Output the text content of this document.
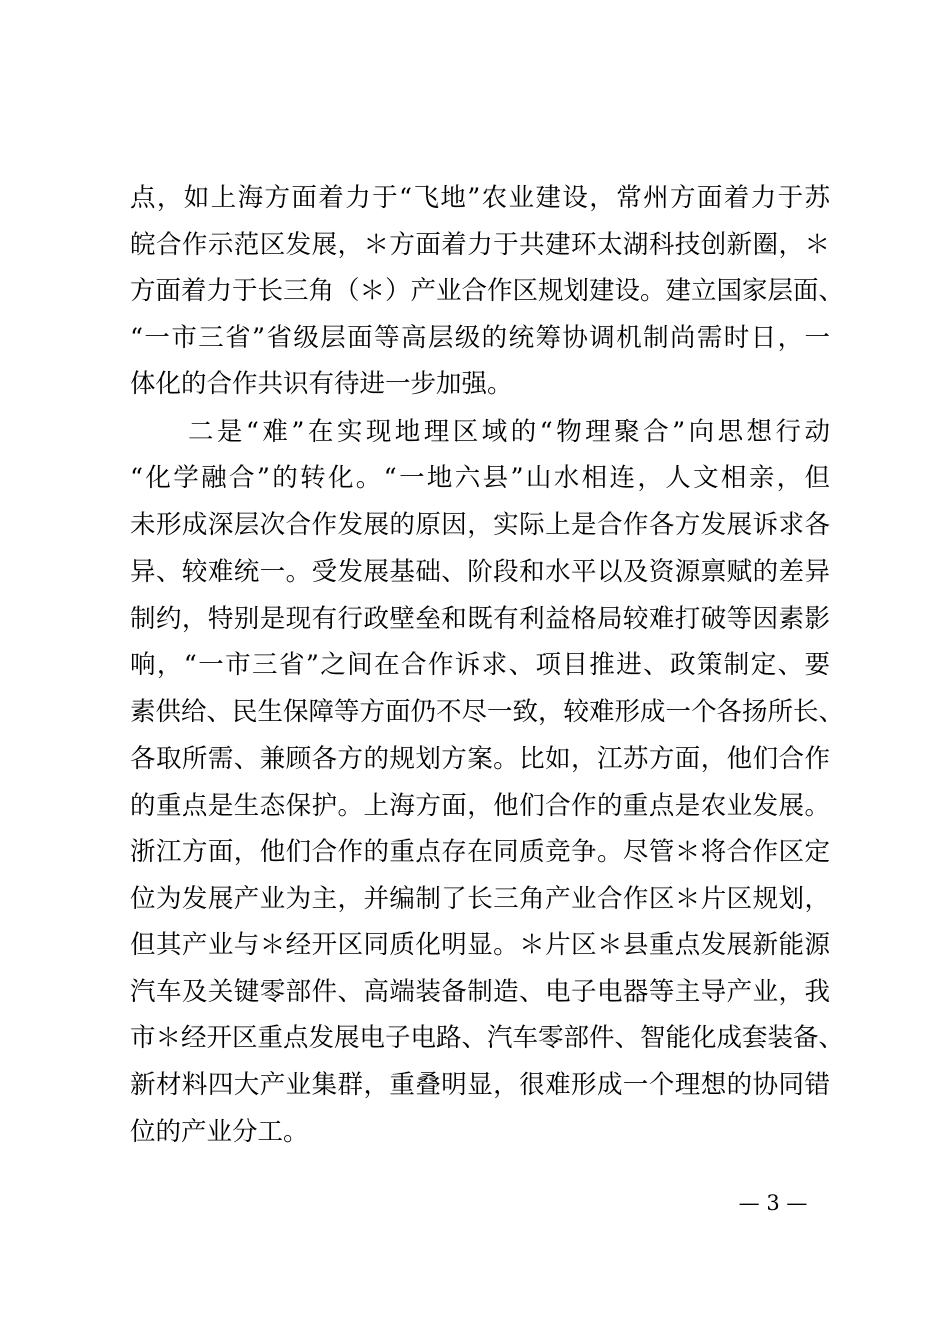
点，如上海方面着力于“飞地”农业建设，常州方面着力于苏
皖合作示范区发展，＊方面着力于共建环太湖科技创新圈，＊
方面着力于长三角（＊）产业合作区规划建设。建立国家层面、
“一市三省”省级层面等高层级的统筹协调机制尚需时日，一
体化的合作共识有待进一步加强。
　　二是“难”在实现地理区域的“物理聚合”向思想行动
“化学融合”的转化。“一地六县”山水相连，人文相亲，但
未形成深层次合作发展的原因，实际上是合作各方发展诉求各
异、较难统一。受发展基础、阶段和水平以及资源禀赋的差异
制约，特别是现有行政壁垒和既有利益格局较难打破等因素影
响，“一市三省”之间在合作诉求、项目推进、政策制定、要
素供给、民生保障等方面仍不尽一致，较难形成一个各扬所长、
各取所需、兼顾各方的规划方案。比如，江苏方面，他们合作
的重点是生态保护。上海方面，他们合作的重点是农业发展。
浙江方面，他们合作的重点存在同质竞争。尽管＊将合作区定
位为发展产业为主，并编制了长三角产业合作区＊片区规划，
但其产业与＊经开区同质化明显。＊片区＊县重点发展新能源
汽车及关键零部件、高端装备制造、电子电器等主导产业，我
市＊经开区重点发展电子电路、汽车零部件、智能化成套装备、
新材料四大产业集群，重叠明显，很难形成一个理想的协同错
位的产业分工。
— 3 —
